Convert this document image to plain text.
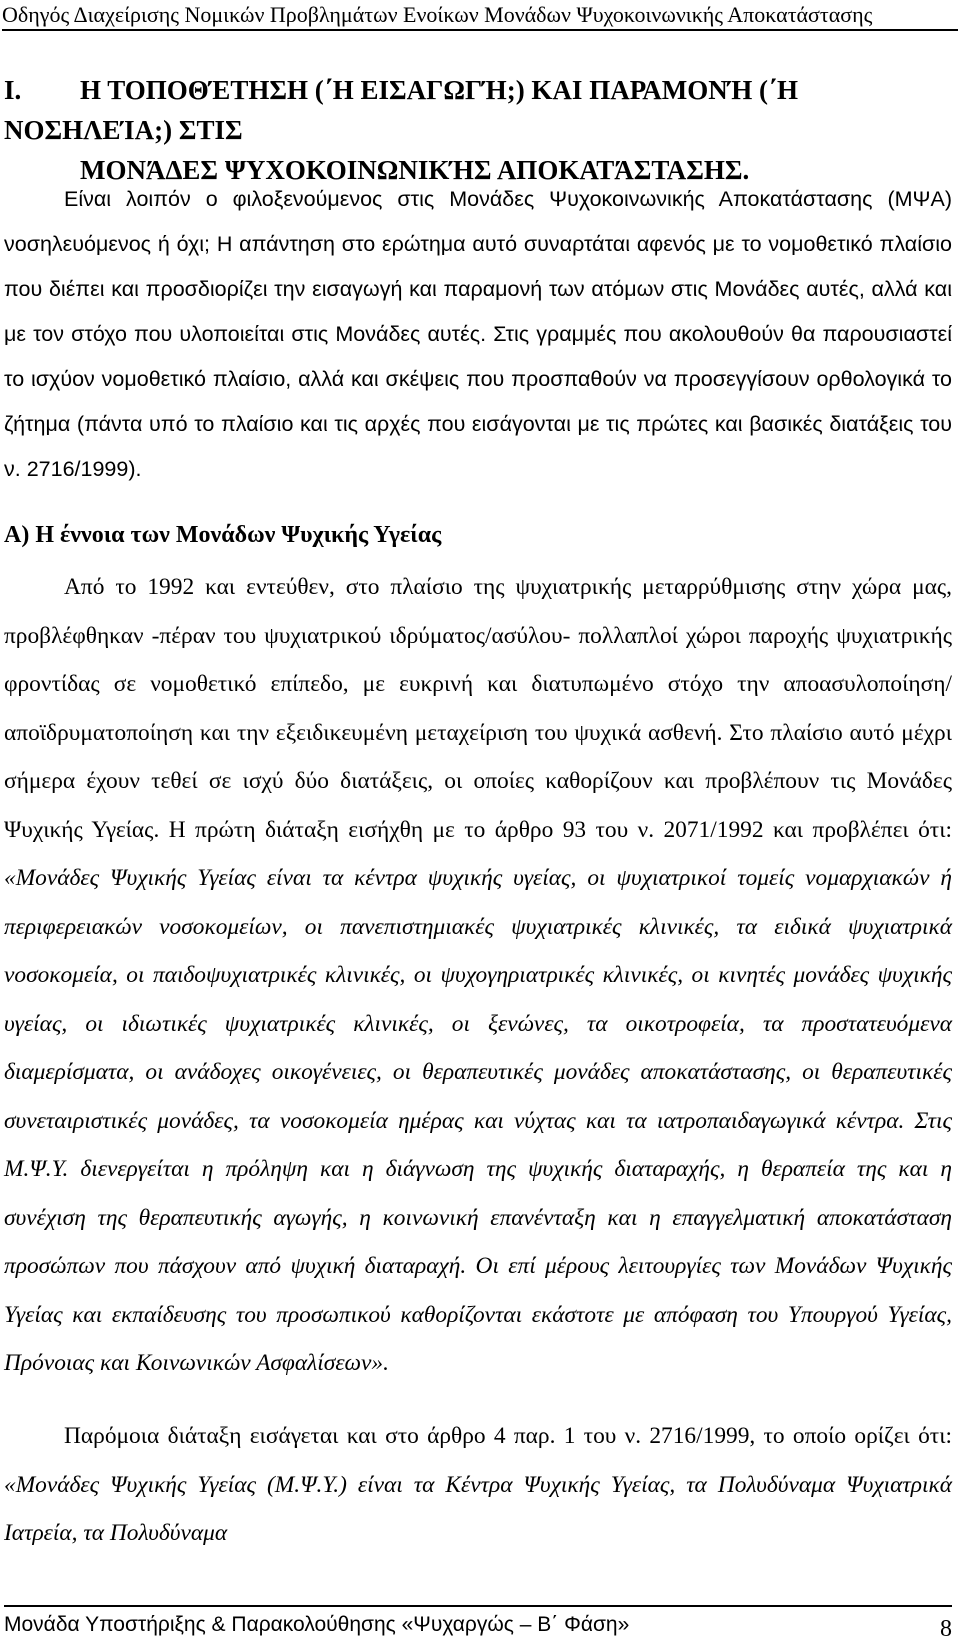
Οδηγός Διαχείρισης Νομικών Προβλημάτων Ενοίκων Μονάδων Ψυχοκοινωνικής Αποκατάστασης
Ι. Η ΤΟΠΟΘΈΤΗΣΗ (΄Η ΕΙΣΑΓΩΓΉ;) ΚΑΙ ΠΑΡΑΜΟΝΉ (΄Η ΝΟΣΗΛΕΊΑ;) ΣΤΙΣ
ΜΟΝΆΔΕΣ ΨΥΧΟΚΟΙΝΩΝΙΚΉΣ ΑΠΟΚΑΤΆΣΤΑΣΗΣ.

Είναι λοιπόν ο φιλοξενούμενος στις Μονάδες Ψυχοκοινωνικής Αποκατάστασης (ΜΨΑ) νοσηλευόμενος ή όχι; Η απάντηση στο ερώτημα αυτό συναρτάται αφενός με το νομοθετικό πλαίσιο που διέπει και προσδιορίζει την εισαγωγή και παραμονή των ατόμων στις Μονάδες αυτές, αλλά και με τον στόχο που υλοποιείται στις Μονάδες αυτές. Στις γραμμές που ακολουθούν θα παρουσιαστεί το ισχύον νομοθετικό πλαίσιο, αλλά και σκέψεις που προσπαθούν να προσεγγίσουν ορθολογικά το ζήτημα (πάντα υπό το πλαίσιο και τις αρχές που εισάγονται με τις πρώτες και βασικές διατάξεις του ν. 2716/1999).

Α) Η έννοια των Μονάδων Ψυχικής Υγείας

Από το 1992 και εντεύθεν, στο πλαίσιο της ψυχιατρικής μεταρρύθμισης στην χώρα μας, προβλέφθηκαν -πέραν του ψυχιατρικού ιδρύματος/ασύλου- πολλαπλοί χώροι παροχής ψυχιατρικής φροντίδας σε νομοθετικό επίπεδο, με ευκρινή και διατυπωμένο στόχο την αποασυλοποίηση/αποϊδρυματοποίηση και την εξειδικευμένη μεταχείριση του ψυχικά ασθενή. Στο πλαίσιο αυτό μέχρι σήμερα έχουν τεθεί σε ισχύ δύο διατάξεις, οι οποίες καθορίζουν και προβλέπουν τις Μονάδες Ψυχικής Υγείας. Η πρώτη διάταξη εισήχθη με το άρθρο 93 του ν. 2071/1992 και προβλέπει ότι: «Μονάδες Ψυχικής Υγείας είναι τα κέντρα ψυχικής υγείας, οι ψυχιατρικοί τομείς νομαρχιακών ή περιφερειακών νοσοκομείων, οι πανεπιστημιακές ψυχιατρικές κλινικές, τα ειδικά ψυχιατρικά νοσοκομεία, οι παιδοψυχιατρικές κλινικές, οι ψυχογηριατρικές κλινικές, οι κινητές μονάδες ψυχικής υγείας, οι ιδιωτικές ψυχιατρικές κλινικές, οι ξενώνες, τα οικοτροφεία, τα προστατευόμενα διαμερίσματα, οι ανάδοχες οικογένειες, οι θεραπευτικές μονάδες αποκατάστασης, οι θεραπευτικές συνεταιριστικές μονάδες, τα νοσοκομεία ημέρας και νύχτας και τα ιατροπαιδαγωγικά κέντρα. Στις Μ.Ψ.Υ. διενεργείται η πρόληψη και η διάγνωση της ψυχικής διαταραχής, η θεραπεία της και η συνέχιση της θεραπευτικής αγωγής, η κοινωνική επανένταξη και η επαγγελματική αποκατάσταση προσώπων που πάσχουν από ψυχική διαταραχή. Οι επί μέρους λειτουργίες των Μονάδων Ψυχικής Υγείας και εκπαίδευσης του προσωπικού καθορίζονται εκάστοτε με απόφαση του Υπουργού Υγείας, Πρόνοιας και Κοινωνικών Ασφαλίσεων».

Παρόμοια διάταξη εισάγεται και στο άρθρο 4 παρ. 1 του ν. 2716/1999, το οποίο ορίζει ότι: «Μονάδες Ψυχικής Υγείας (Μ.Ψ.Υ.) είναι τα Κέντρα Ψυχικής Υγείας, τα Πολυδύναμα Ψυχιατρικά Ιατρεία, τα Πολυδύναμα

Μονάδα Υποστήριξης & Παρακολούθησης «Ψυχαργώς – Β΄ Φάση»	8
